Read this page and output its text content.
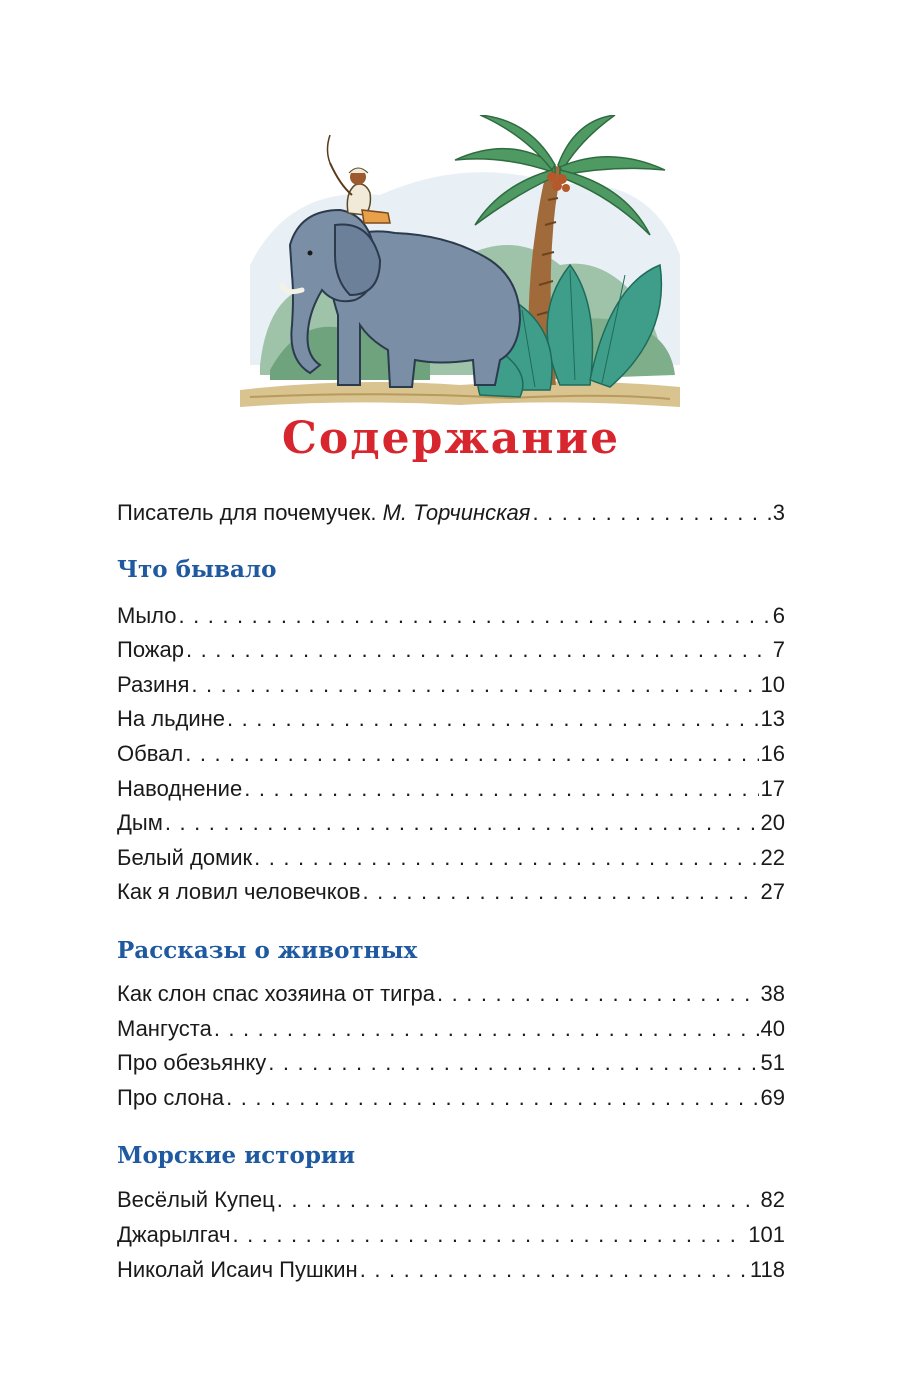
Содержание
Писатель для почемучек. М. Торчинская . . .	3
Что бывало
Мыло . . .	6
Пожар . . .	7
Разиня . . .	10
На льдине . . .	13
Обвал . . .	16
Наводнение . . .	17
Дым . . .	20
Белый домик . . .	22
Как я ловил человечков . . .	27
Рассказы о животных
Как слон спас хозяина от тигра . . .	38
Мангуста . . .	40
Про обезьянку . . .	51
Про слона . . .	69
Морские истории
Весёлый Купец . . .	82
Джарылгач . . .	101
Николай Исаич Пушкин . . .	118
